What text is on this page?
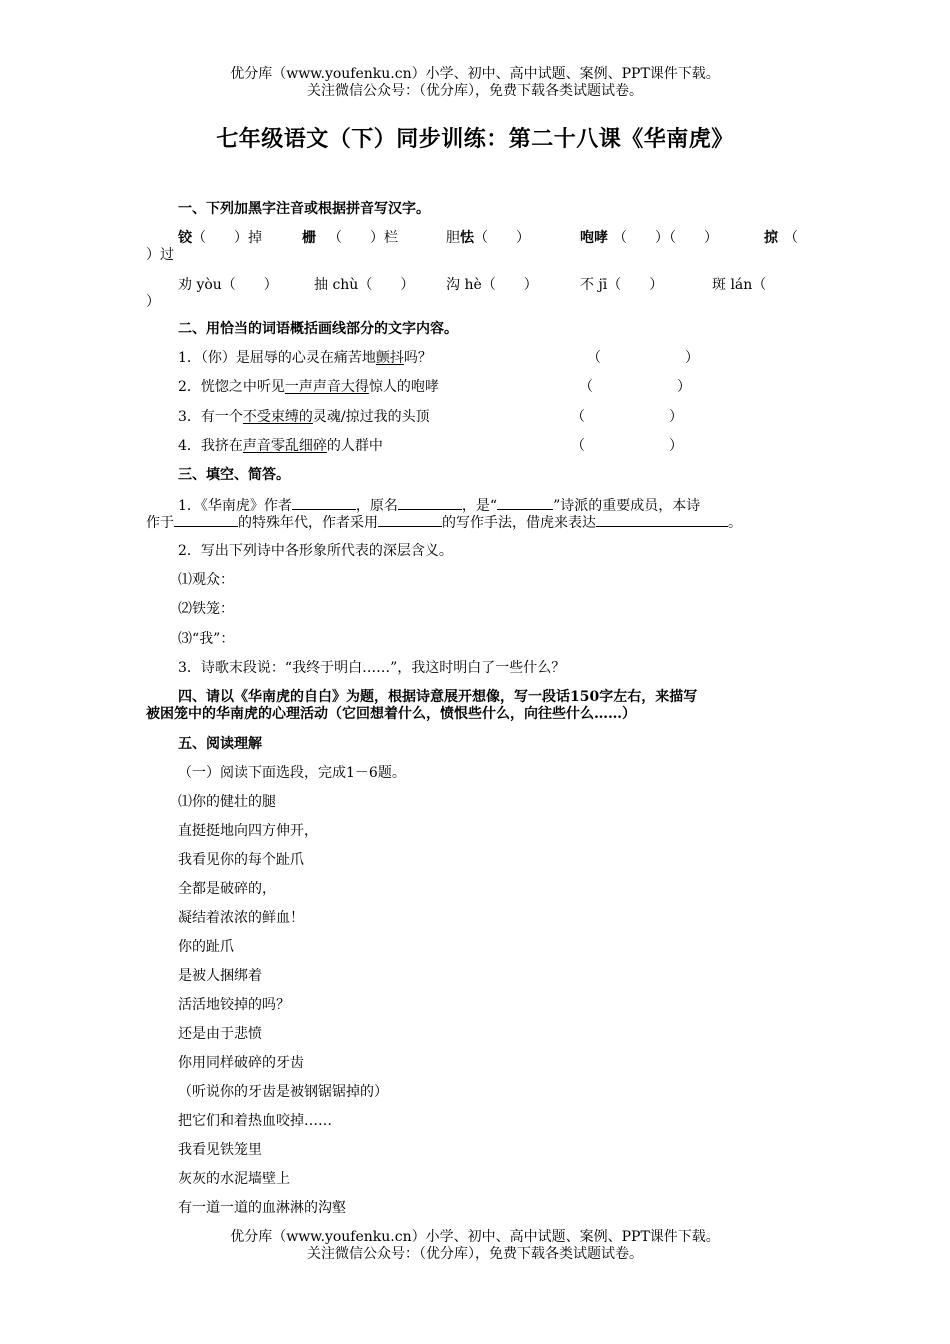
优分库（www.youfenku.cn）小学、初中、高中试题、案例、PPT课件下载。
关注微信公众号：（优分库），免费下载各类试题试卷。
七年级语文（下）同步训练：第二十八课《华南虎》
一、下列加黑字注音或根据拼音写汉字。
铰（　　）掉	栅 （　　）栏	胆怯（　　）	咆哮 （　　）（　　）	掠 （
）过
劝 yòu（　　）	抽 chù（　　） 沟 hè（　　）	不 jī（　　）	斑 lán（
）
二、用恰当的词语概括画线部分的文字内容。
1．（你）是屈辱的心灵在痛苦地颤抖吗？	（　　　　　　）
2．恍惚之中听见一声声音大得惊人的咆哮	（　　　　　　）
3．有一个不受束缚的灵魂/掠过我的头顶	（　　　　　　）
4．我挤在声音零乱细碎的人群中	（　　　　　　）
三、填空、简答。
1．《华南虎》作者	，原名	，是“	”诗派的重要成员，本诗
作于	的特殊年代，作者采用	的写作手法，借虎来表达	。
2．写出下列诗中各形象所代表的深层含义。
⑴观众：
⑵铁笼：
⑶“我”：
3．诗歌末段说：“我终于明白……”，我这时明白了一些什么？
四、请以《华南虎的自白》为题，根据诗意展开想像，写一段话150字左右，来描写
被困笼中的华南虎的心理活动（它回想着什么，愤恨些什么，向往些什么……）
五、阅读理解
（一）阅读下面选段，完成1－6题。
⑴你的健壮的腿
直挺挺地向四方伸开，
我看见你的每个趾爪
全都是破碎的，
凝结着浓浓的鲜血！
你的趾爪
是被人捆绑着
活活地铰掉的吗？
还是由于悲愤
你用同样破碎的牙齿
（听说你的牙齿是被钢锯锯掉的）
把它们和着热血咬掉……
我看见铁笼里
灰灰的水泥墙壁上
有一道一道的血淋淋的沟壑
优分库（www.youfenku.cn）小学、初中、高中试题、案例、PPT课件下载。
关注微信公众号：（优分库），免费下载各类试题试卷。
